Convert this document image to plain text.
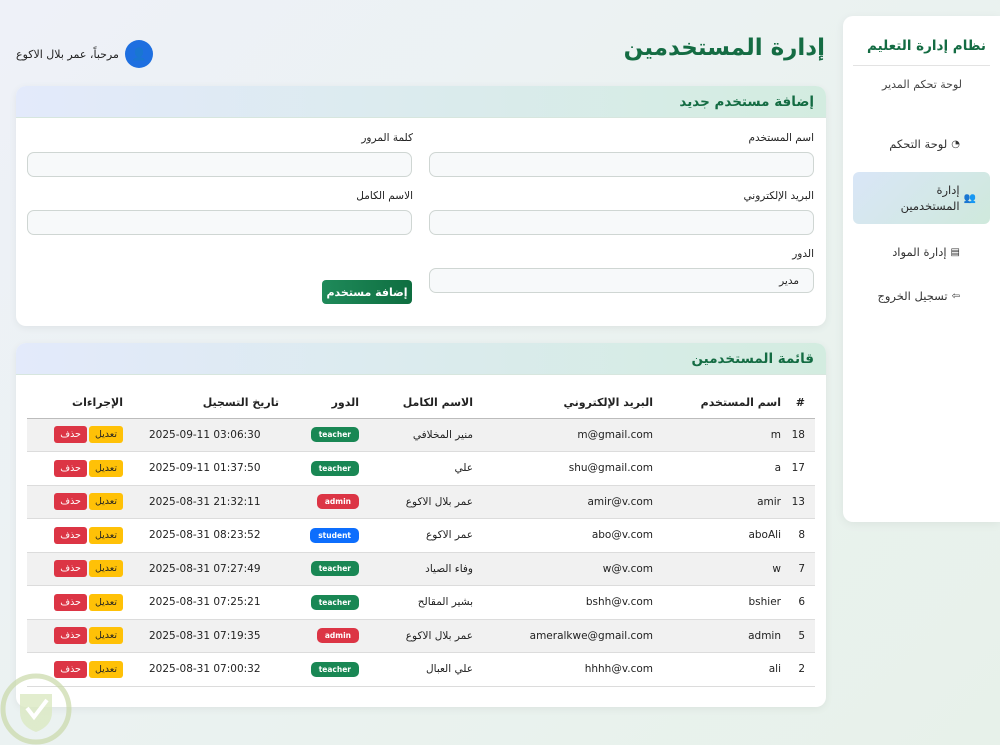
نظام إدارة التعليم
لوحة تحكم المدير
◔
لوحة التحكم
👥
إدارة المستخدمين
▤
إدارة المواد
⇦
تسجيل الخروج
إدارة المستخدمين
مرحباً، عمر بلال الاكوع 👤
إضافة مستخدم جديد
اسم المستخدم
كلمة المرور
البريد الإلكتروني
الاسم الكامل
الدور
مدير
إضافة مستخدم
قائمة المستخدمين
#	اسم المستخدم	البريد الإلكتروني	الاسم الكامل	الدور	تاريخ التسجيل	الإجراءات
18	m	m@gmail.com	منير المخلافي	teacher	2025-09-11 03:06:30	تعديلحذف
17	a	shu@gmail.com	علي	teacher	2025-09-11 01:37:50	تعديلحذف
13	amir	amir@v.com	عمر بلال الاكوع	admin	2025-08-31 21:32:11	تعديلحذف
8	aboAli	abo@v.com	عمر الاكوع	student	2025-08-31 08:23:52	تعديلحذف
7	w	w@v.com	وفاء الصياد	teacher	2025-08-31 07:27:49	تعديلحذف
6	bshier	bshh@v.com	بشير المقالح	teacher	2025-08-31 07:25:21	تعديلحذف
5	admin	ameralkwe@gmail.com	عمر بلال الاكوع	admin	2025-08-31 07:19:35	تعديلحذف
2	ali	hhhh@v.com	علي العبال	teacher	2025-08-31 07:00:32	تعديلحذف
